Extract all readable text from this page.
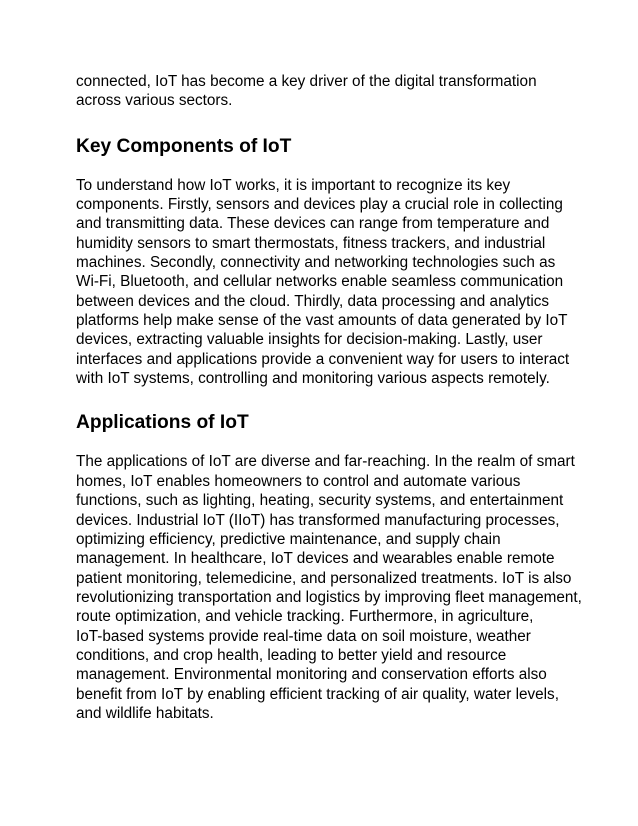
connected, IoT has become a key driver of the digital transformation
across various sectors.

Key Components of IoT

To understand how IoT works, it is important to recognize its key
components. Firstly, sensors and devices play a crucial role in collecting
and transmitting data. These devices can range from temperature and
humidity sensors to smart thermostats, fitness trackers, and industrial
machines. Secondly, connectivity and networking technologies such as
Wi-Fi, Bluetooth, and cellular networks enable seamless communication
between devices and the cloud. Thirdly, data processing and analytics
platforms help make sense of the vast amounts of data generated by IoT
devices, extracting valuable insights for decision-making. Lastly, user
interfaces and applications provide a convenient way for users to interact
with IoT systems, controlling and monitoring various aspects remotely.

Applications of IoT

The applications of IoT are diverse and far-reaching. In the realm of smart
homes, IoT enables homeowners to control and automate various
functions, such as lighting, heating, security systems, and entertainment
devices. Industrial IoT (IIoT) has transformed manufacturing processes,
optimizing efficiency, predictive maintenance, and supply chain
management. In healthcare, IoT devices and wearables enable remote
patient monitoring, telemedicine, and personalized treatments. IoT is also
revolutionizing transportation and logistics by improving fleet management,
route optimization, and vehicle tracking. Furthermore, in agriculture,
IoT-based systems provide real-time data on soil moisture, weather
conditions, and crop health, leading to better yield and resource
management. Environmental monitoring and conservation efforts also
benefit from IoT by enabling efficient tracking of air quality, water levels,
and wildlife habitats.
